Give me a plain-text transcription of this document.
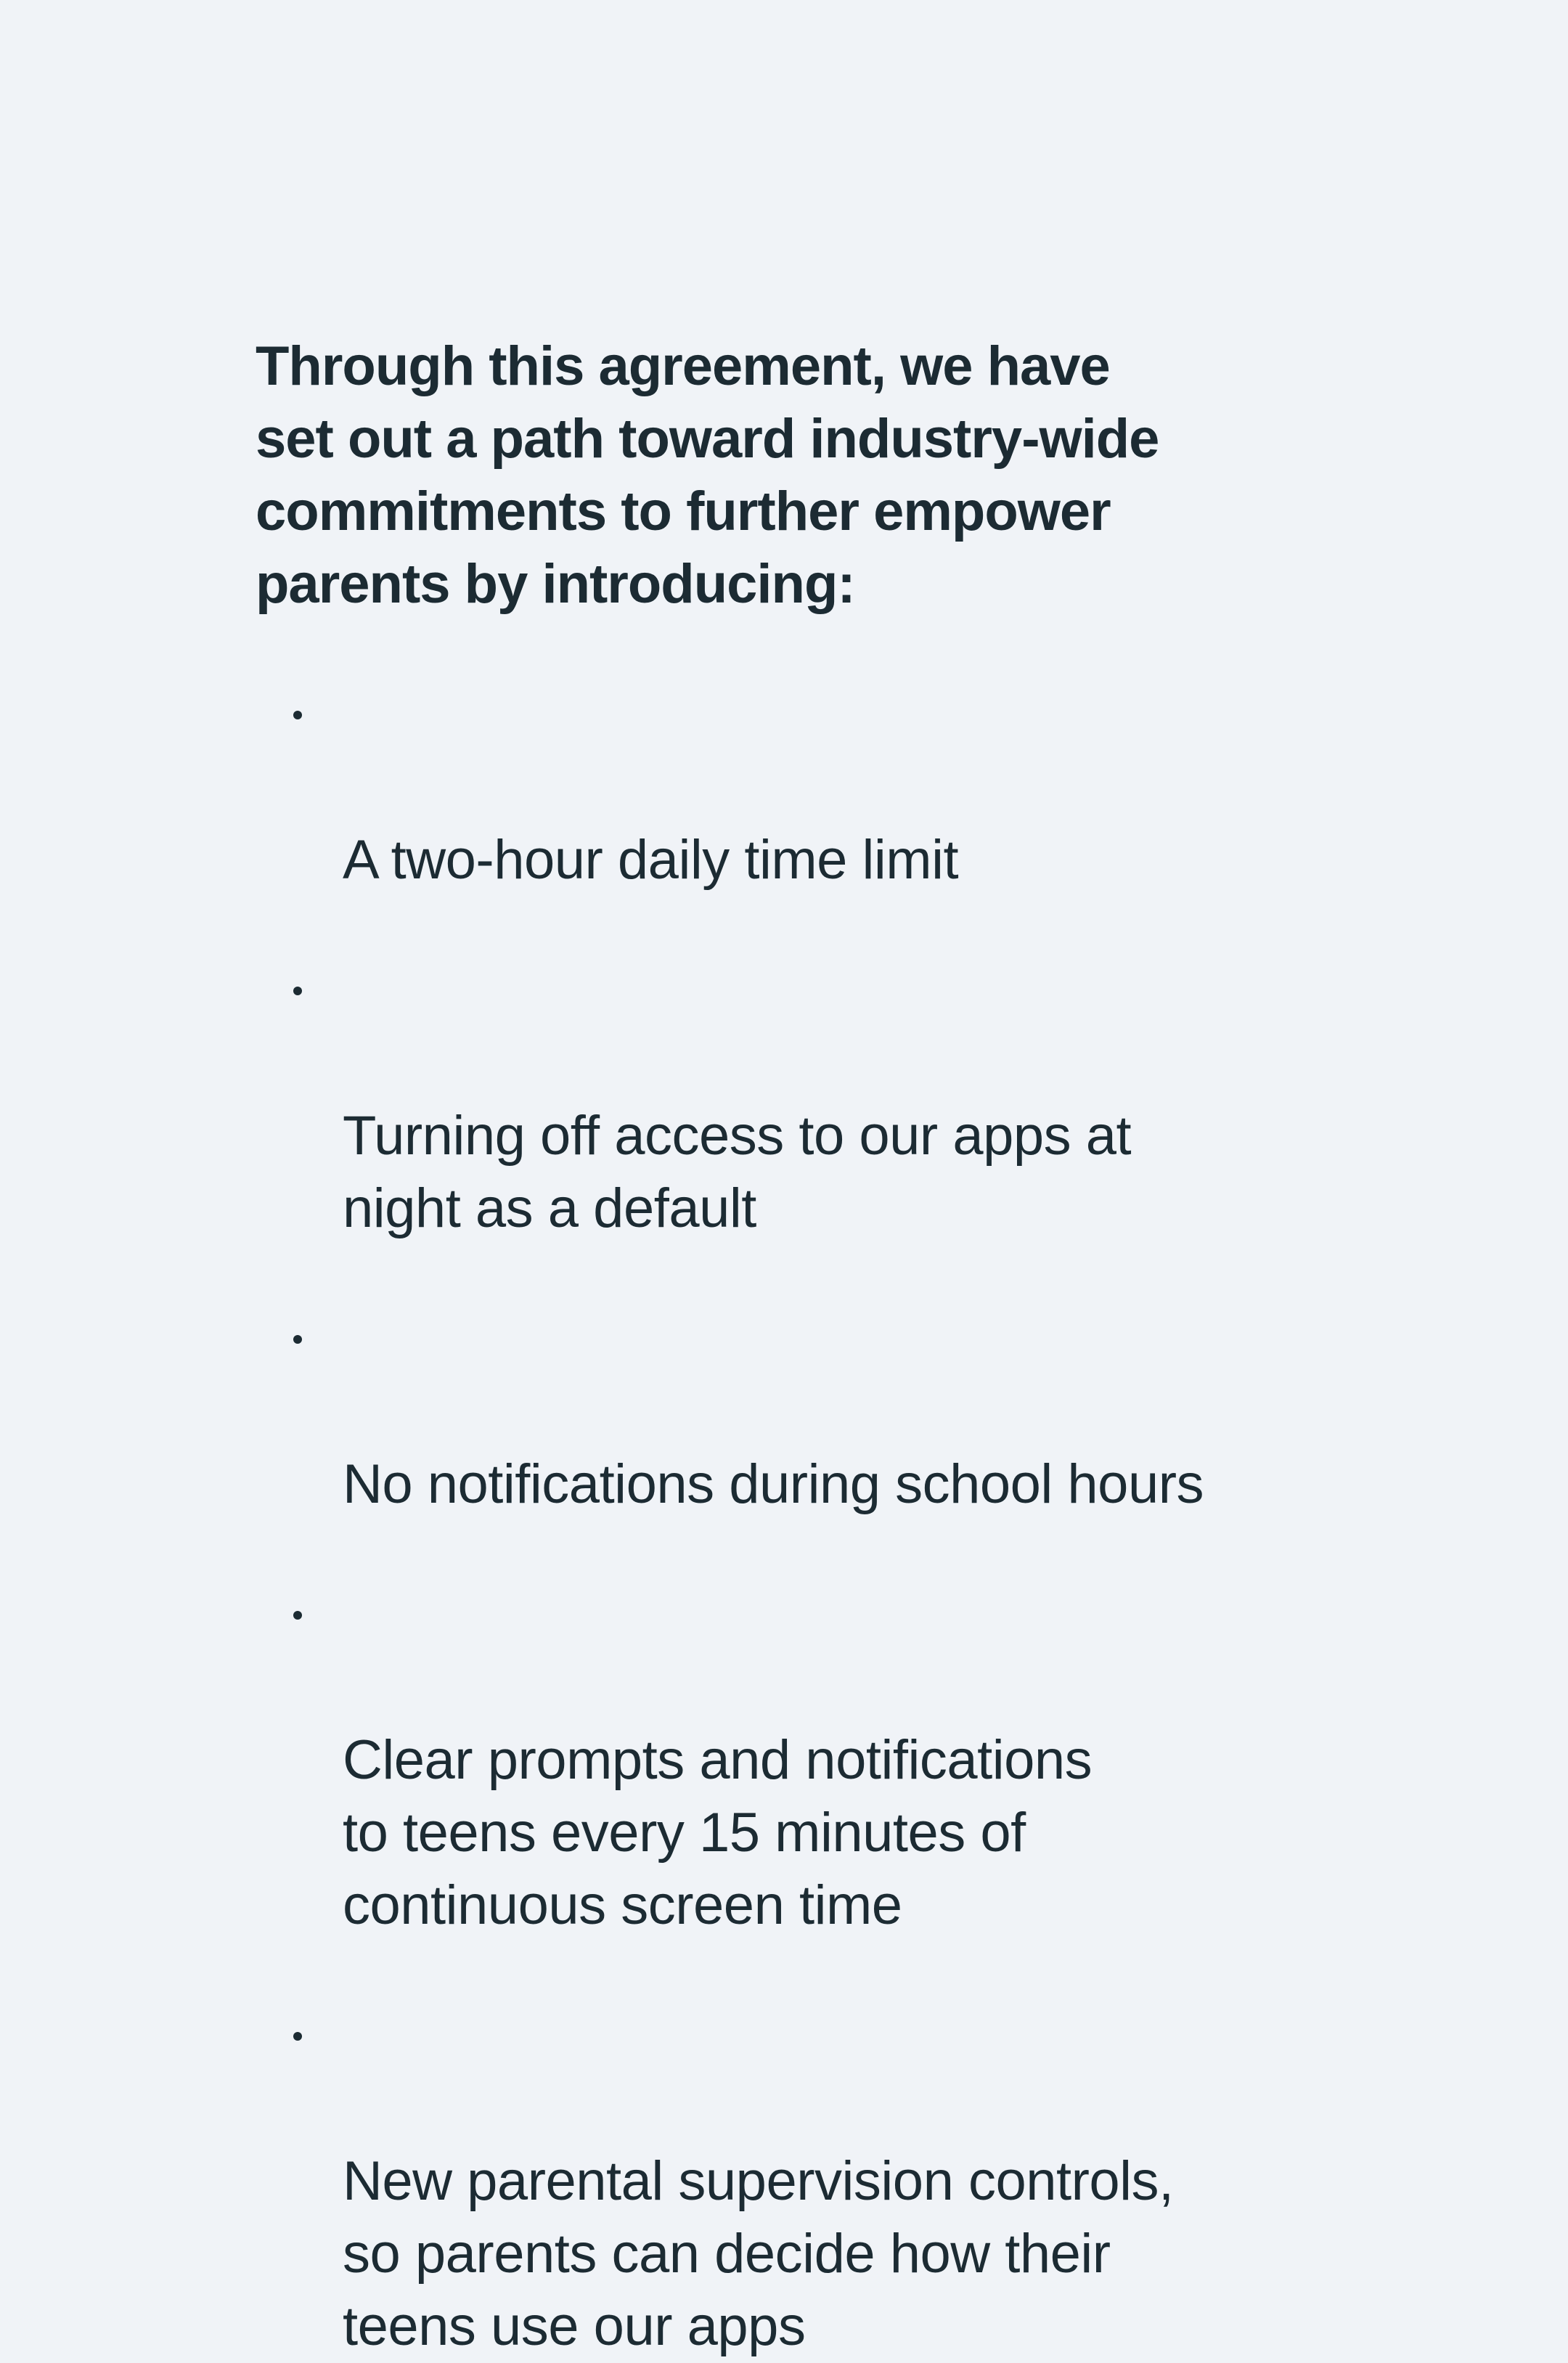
Through this agreement, we have
set out a path toward industry-wide
commitments to further empower
parents by introducing:

A two-hour daily time limit

Turning off access to our apps at
night as a default

No notifications during school hours

Clear prompts and notifications
to teens every 15 minutes of
continuous screen time

New parental supervision controls,
so parents can decide how their
teens use our apps
